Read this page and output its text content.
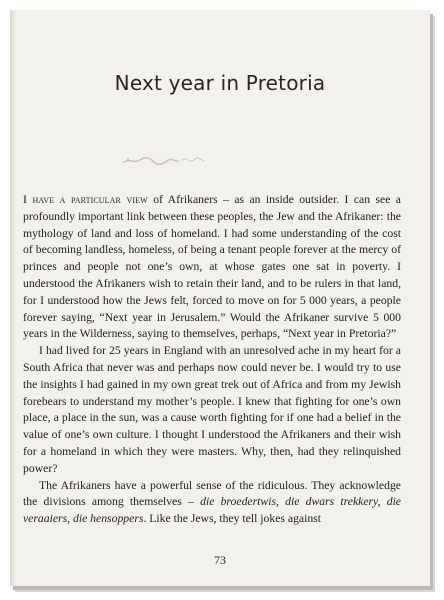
Next year in Pretoria

I have a particular view of Afrikaners – as an inside outsider. I can see a profoundly important link between these peoples, the Jew and the Afrikaner: the mythology of land and loss of homeland. I had some understanding of the cost of becoming landless, homeless, of being a tenant people forever at the mercy of princes and people not one’s own, at whose gates one sat in poverty. I understood the Afrikaners wish to retain their land, and to be rulers in that land, for I understood how the Jews felt, forced to move on for 5 000 years, a people forever saying, “Next year in Jerusalem.” Would the Afrikaner survive 5 000 years in the Wilderness, saying to themselves, perhaps, “Next year in Pretoria?”

I had lived for 25 years in England with an unresolved ache in my heart for a South Africa that never was and perhaps now could never be. I would try to use the insights I had gained in my own great trek out of Africa and from my Jewish forebears to understand my mother’s people. I knew that fighting for one’s own place, a place in the sun, was a cause worth fighting for if one had a belief in the value of one’s own culture. I thought I understood the Afrikaners and their wish for a homeland in which they were masters. Why, then, had they relinquished power?

The Afrikaners have a powerful sense of the ridiculous. They acknowledge the divisions among themselves – die broedertwis, die dwars trekkery, die veraaiers, die hensoppers. Like the Jews, they tell jokes against

73
